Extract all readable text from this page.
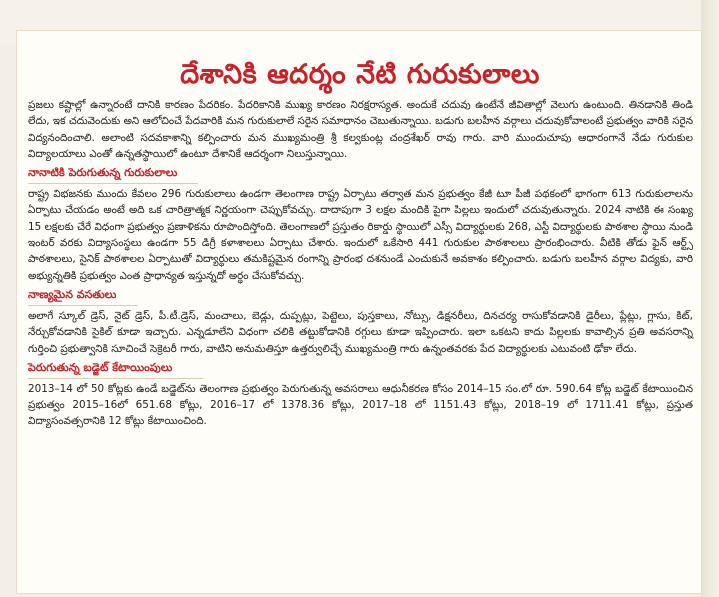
దేశానికి ఆదర్శం నేటి గురుకులాలు

ప్రజలు కష్టాల్లో ఉన్నారంటే దానికి కారణం పేదరికం. పేదరికానికి ముఖ్య కారణం నిరక్షరాస్యత. అందుకే చదువు ఉంటేనే జీవితాల్లో వెలుగు ఉంటుంది. తినడానికి తిండి లేదు, ఇక చదువెందుకు అని ఆలోచించే పేదవారికి మన గురుకులాలే సరైన సమాధానం చెబుతున్నాయి. బడుగు బలహీన వర్గాలు చదువుకోవాలంటే ప్రభుత్వం వారికి సరైన విద్యనందించాలి. అలాంటి సదవకాశాన్ని కల్పించారు మన ముఖ్యమంత్రి శ్రీ కల్వకుంట్ల చంద్రశేఖర్ రావు గారు. వారి ముందుచూపు ఆధారంగానే నేడు గురుకుల విద్యాలయాలు ఎంతో ఉన్నతస్థాయిలో ఉంటూ దేశానికే ఆదర్శంగా నిలుస్తున్నాయి.

నానాటికి పెరుగుతున్న గురుకులాలు

రాష్ట్ర విభజనకు ముందు కేవలం 296 గురుకులాలు ఉండగా తెలంగాణ రాష్ట్ర ఏర్పాటు తర్వాత మన ప్రభుత్వం కేజీ టూ పీజీ పథకంలో భాగంగా 613 గురుకులాలను ఏర్పాటు చేయడం అంటే అది ఒక చారిత్రాత్మక నిర్ణయంగా చెప్పుకోవచ్చు. దాదాపుగా 3 లక్షల మందికి పైగా పిల్లలు ఇందులో చదువుతున్నారు. 2024 నాటికి ఈ సంఖ్య 15 లక్షలకు చేరే విధంగా ప్రభుత్వం ప్రణాళికను రూపొందిస్తోంది. తెలంగాణలో ప్రస్తుతం రికార్డు స్థాయిలో ఎస్సీ విద్యార్థులకు 268, ఎస్టీ విద్యార్థులకు పాఠశాల స్థాయి నుండి ఇంటర్ వరకు విద్యాసంస్థలు ఉండగా 55 డిగ్రీ కళాశాలలు ఏర్పాటు చేశారు. ఇందులో ఒకేసారి 441 గురుకుల పాఠశాలలు ప్రారంభించారు. వీటికి తోడు ఫైన్ ఆర్ట్స్ పాఠశాలలు, సైనిక్ పాఠశాలల ఏర్పాటుతో విద్యార్థులు తమకిష్టమైన రంగాన్ని ప్రారంభ దశనుండే ఎంచుకునే అవకాశం కల్పించారు. బడుగు బలహీన వర్గాల విద్యకు, వారి అభ్యున్నతికి ప్రభుత్వం ఎంత ప్రాధాన్యత ఇస్తున్నదో అర్థం చేసుకోవచ్చు.

నాణ్యమైన వసతులు

అలాగే స్కూల్ డ్రెస్, నైట్ డ్రెస్, పీ.టీ.డ్రెస్, మంచాలు, బెడ్లు, దుప్పట్లు, పెట్టెలు, పుస్తకాలు, నోట్సు, డిక్షనరీలు, దినచర్య రాసుకోవడానికి డైరీలు, ప్లేట్లు, గ్లాసు, కిట్, నేర్చుకోవడానికి సైకిల్ కూడా ఇచ్చారు. ఎన్నడూలేని విధంగా చలికి తట్టుకోడానికి రగ్గులు కూడా ఇప్పించారు. ఇలా ఒకటని కాదు పిల్లలకు కావాల్సిన ప్రతి అవసరాన్ని గుర్తించి ప్రభుత్వానికి సూచించే సెక్రెటరీ గారు, వాటిని అనుమతిస్తూ ఉత్తర్వులిచ్చే ముఖ్యమంత్రి గారు ఉన్నంతవరకు పేద విద్యార్థులకు ఎటువంటి ఢోకా లేదు.

పెరుగుతున్న బడ్జెట్ కేటాయింపులు

2013–14 లో 50 కోట్లకు ఉండే బడ్జెట్‌ను తెలంగాణ ప్రభుత్వం పెరుగుతున్న అవసరాలు ఆధునీకరణ కోసం 2014–15 సం.లో రూ. 590.64 కోట్ల బడ్జెట్ కేటాయించిన ప్రభుత్వం 2015–16లో 651.68 కోట్లు, 2016–17 లో 1378.36 కోట్లు, 2017–18 లో 1151.43 కోట్లు, 2018–19 లో 1711.41 కోట్లు, ప్రస్తుత విద్యాసంవత్సరానికి 12 కోట్లు కేటాయించింది.
